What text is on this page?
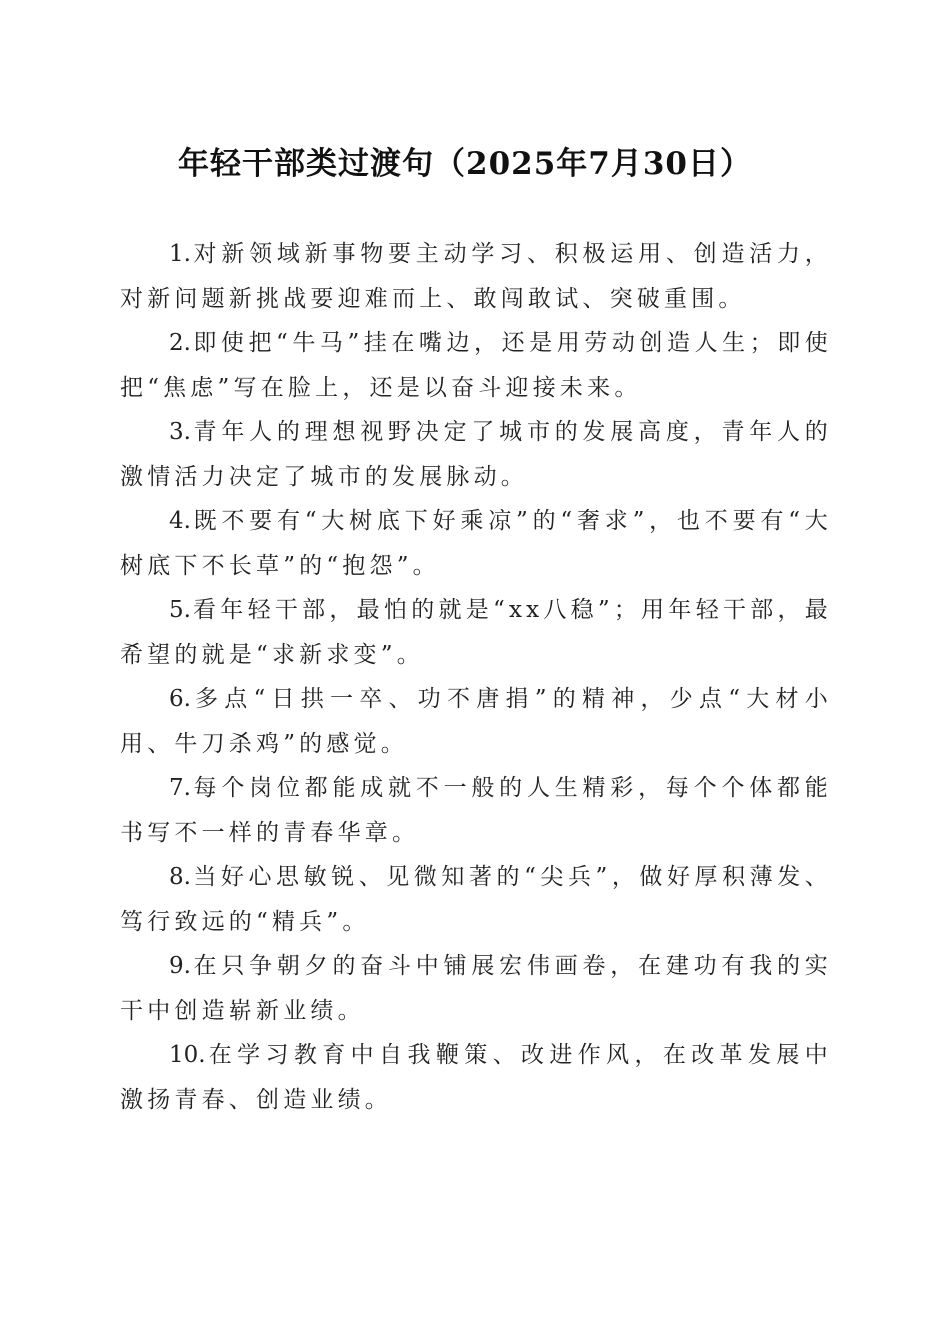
年轻干部类过渡句（2025年7月30日）

1.对新领域新事物要主动学习、积极运用、创造活力，对新问题新挑战要迎难而上、敢闯敢试、突破重围。

2.即使把“牛马”挂在嘴边，还是用劳动创造人生；即使把“焦虑”写在脸上，还是以奋斗迎接未来。

3.青年人的理想视野决定了城市的发展高度，青年人的激情活力决定了城市的发展脉动。

4.既不要有“大树底下好乘凉”的“奢求”，也不要有“大树底下不长草”的“抱怨”。

5.看年轻干部，最怕的就是“xx八稳”；用年轻干部，最希望的就是“求新求变”。

6.多点“日拱一卒、功不唐捐”的精神，少点“大材小用、牛刀杀鸡”的感觉。

7.每个岗位都能成就不一般的人生精彩，每个个体都能书写不一样的青春华章。

8.当好心思敏锐、见微知著的“尖兵”，做好厚积薄发、笃行致远的“精兵”。

9.在只争朝夕的奋斗中铺展宏伟画卷，在建功有我的实干中创造崭新业绩。

10.在学习教育中自我鞭策、改进作风，在改革发展中激扬青春、创造业绩。
